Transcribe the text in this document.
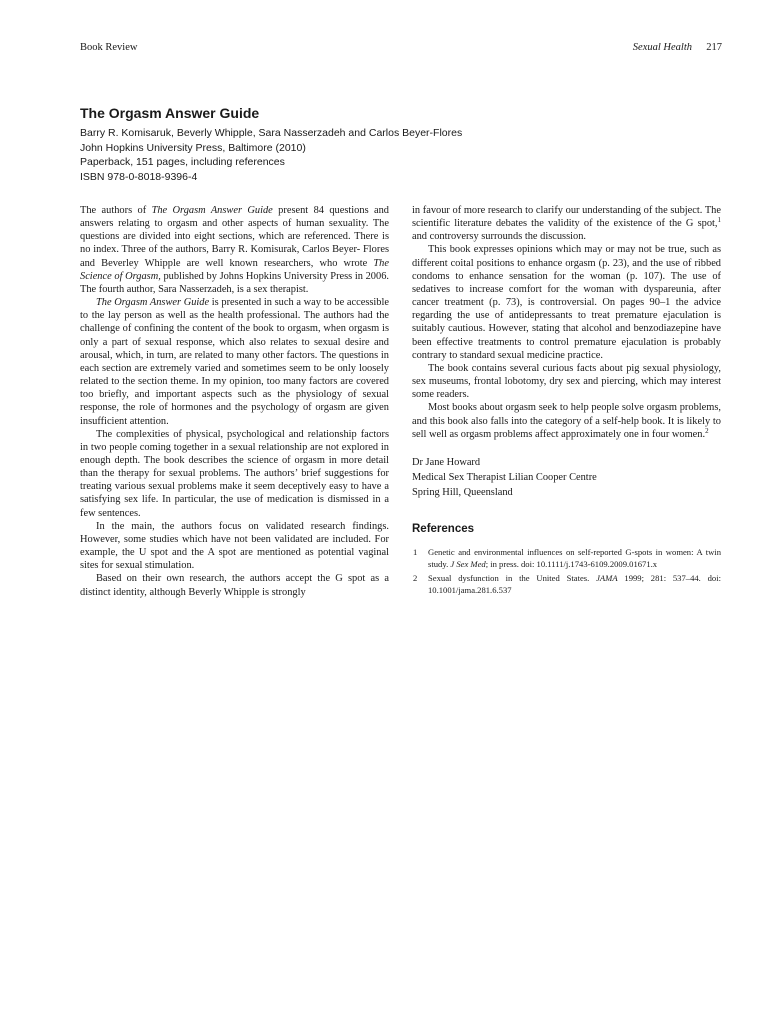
Book Review	Sexual Health 217
The Orgasm Answer Guide
Barry R. Komisaruk, Beverly Whipple, Sara Nasserzadeh and Carlos Beyer-Flores
John Hopkins University Press, Baltimore (2010)
Paperback, 151 pages, including references
ISBN 978-0-8018-9396-4

The authors of The Orgasm Answer Guide present 84 questions and answers relating to orgasm and other aspects of human sexuality. The questions are divided into eight sections, which are referenced. There is no index. Three of the authors, Barry R. Komisurak, Carlos Beyer- Flores and Beverley Whipple are well known researchers, who wrote The Science of Orgasm, published by Johns Hopkins University Press in 2006. The fourth author, Sara Nasserzadeh, is a sex therapist.

The Orgasm Answer Guide is presented in such a way to be accessible to the lay person as well as the health professional. The authors had the challenge of confining the content of the book to orgasm, when orgasm is only a part of sexual response, which also relates to sexual desire and arousal, which, in turn, are related to many other factors. The questions in each section are extremely varied and sometimes seem to be only loosely related to the section theme. In my opinion, too many factors are covered too briefly, and important aspects such as the physiology of sexual response, the role of hormones and the psychology of orgasm are given insufficient attention.

The complexities of physical, psychological and relationship factors in two people coming together in a sexual relationship are not explored in enough depth. The book describes the science of orgasm in more detail than the therapy for sexual problems. The authors’ brief suggestions for treating various sexual problems make it seem deceptively easy to have a satisfying sex life. In particular, the use of medication is dismissed in a few sentences.

In the main, the authors focus on validated research findings. However, some studies which have not been validated are included. For example, the U spot and the A spot are mentioned as potential vaginal sites for sexual stimulation.

Based on their own research, the authors accept the G spot as a distinct identity, although Beverly Whipple is strongly

in favour of more research to clarify our understanding of the subject. The scientific literature debates the validity of the existence of the G spot,$^1$ and controversy surrounds the discussion.

This book expresses opinions which may or may not be true, such as different coital positions to enhance orgasm (p. 23), and the use of ribbed condoms to enhance sensation for the woman (p. 107). The use of sedatives to increase comfort for the woman with dyspareunia, after cancer treatment (p. 73), is controversial. On pages 90–1 the advice regarding the use of antidepressants to treat premature ejaculation is suitably cautious. However, stating that alcohol and benzodiazepine have been effective treatments to control premature ejaculation is probably contrary to standard sexual medicine practice.

The book contains several curious facts about pig sexual physiology, sex museums, frontal lobotomy, dry sex and piercing, which may interest some readers.

Most books about orgasm seek to help people solve orgasm problems, and this book also falls into the category of a self-help book. It is likely to sell well as orgasm problems affect approximately one in four women.$^2$

Dr Jane Howard
Medical Sex Therapist Lilian Cooper Centre
Spring Hill, Queensland
References
1 Genetic and environmental influences on self-reported G-spots in women: A twin study. J Sex Med; in press. doi: 10.1111/j.1743-6109.2009.01671.x
2 Sexual dysfunction in the United States. JAMA 1999; 281: 537–44. doi: 10.1001/jama.281.6.537
